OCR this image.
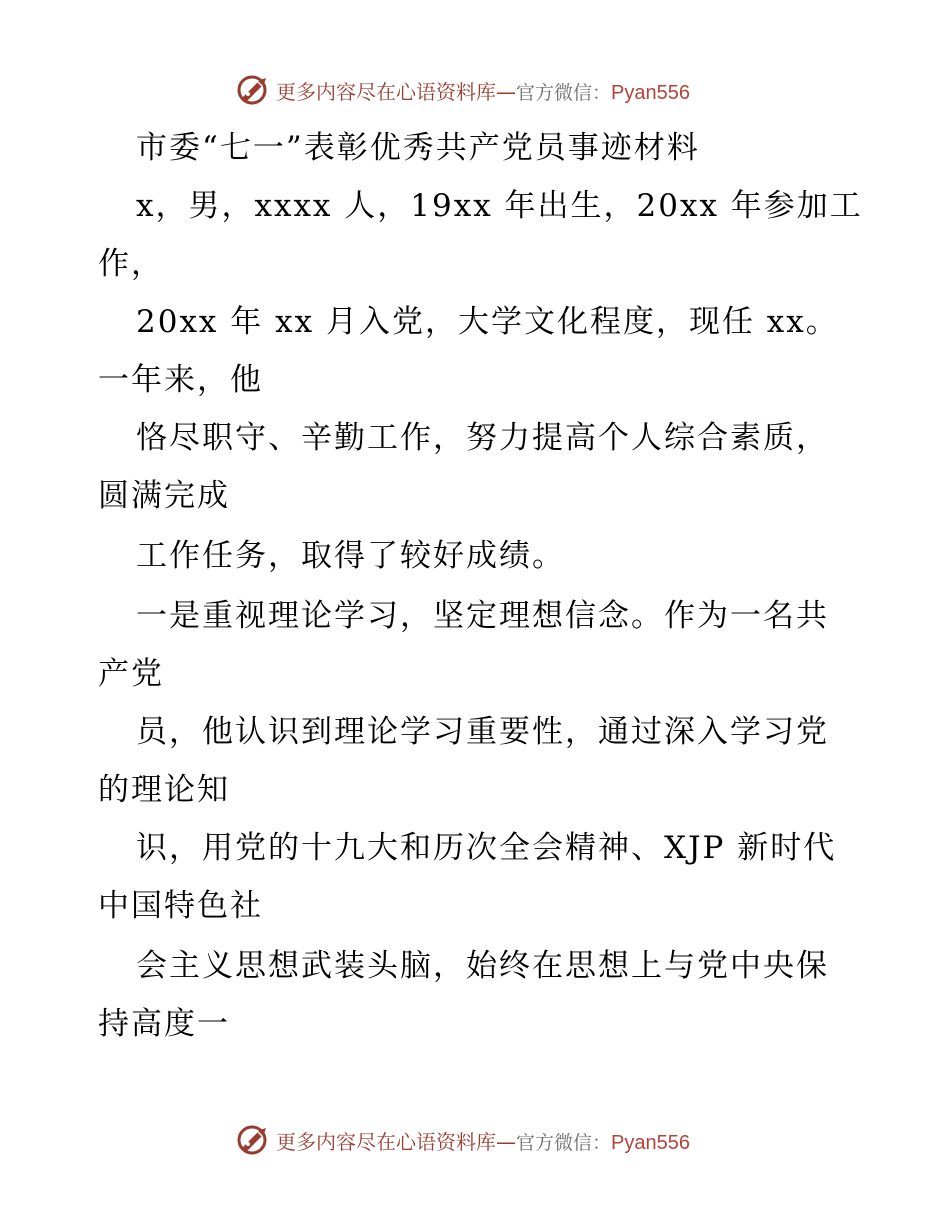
更多内容尽在心语资料库—官方微信：Pyan556
市委“七一”表彰优秀共产党员事迹材料
x，男，xxxx 人，19xx 年出生，20xx 年参加工
作，
20xx 年 xx 月入党，大学文化程度，现任 xx。
一年来，他
恪尽职守、辛勤工作，努力提高个人综合素质，
圆满完成
工作任务，取得了较好成绩。
一是重视理论学习，坚定理想信念。作为一名共
产党
员，他认识到理论学习重要性，通过深入学习党
的理论知
识，用党的十九大和历次全会精神、XJP 新时代
中国特色社
会主义思想武装头脑，始终在思想上与党中央保
持高度一
更多内容尽在心语资料库—官方微信：Pyan556
